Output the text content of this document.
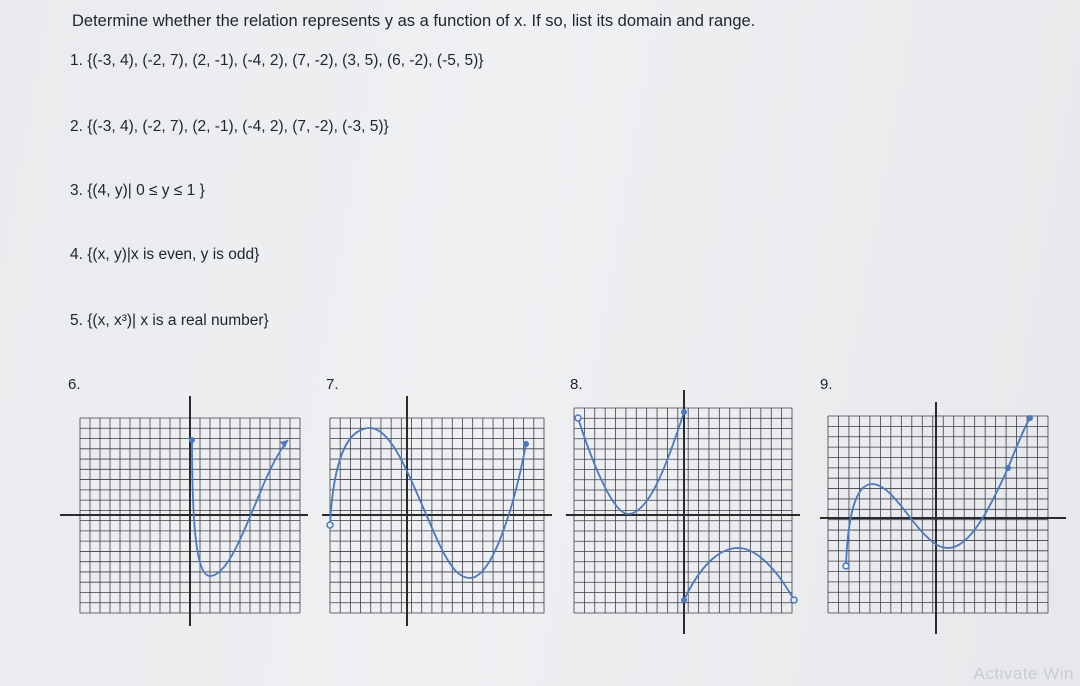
Determine whether the relation represents y as a function of x. If so, list its domain and range.
1. {(-3, 4), (-2, 7), (2, -1), (-4, 2), (7, -2), (3, 5), (6, -2), (-5, 5)}
2. {(-3, 4), (-2, 7), (2, -1), (-4, 2), (7, -2), (-3, 5)}
3. {(4, y)| 0 ≤ y ≤ 1 }
4. {(x, y)|x is even, y is odd}
5. {(x, x³)| x is a real number}
6.	7.	8.	9.
Activate Win
